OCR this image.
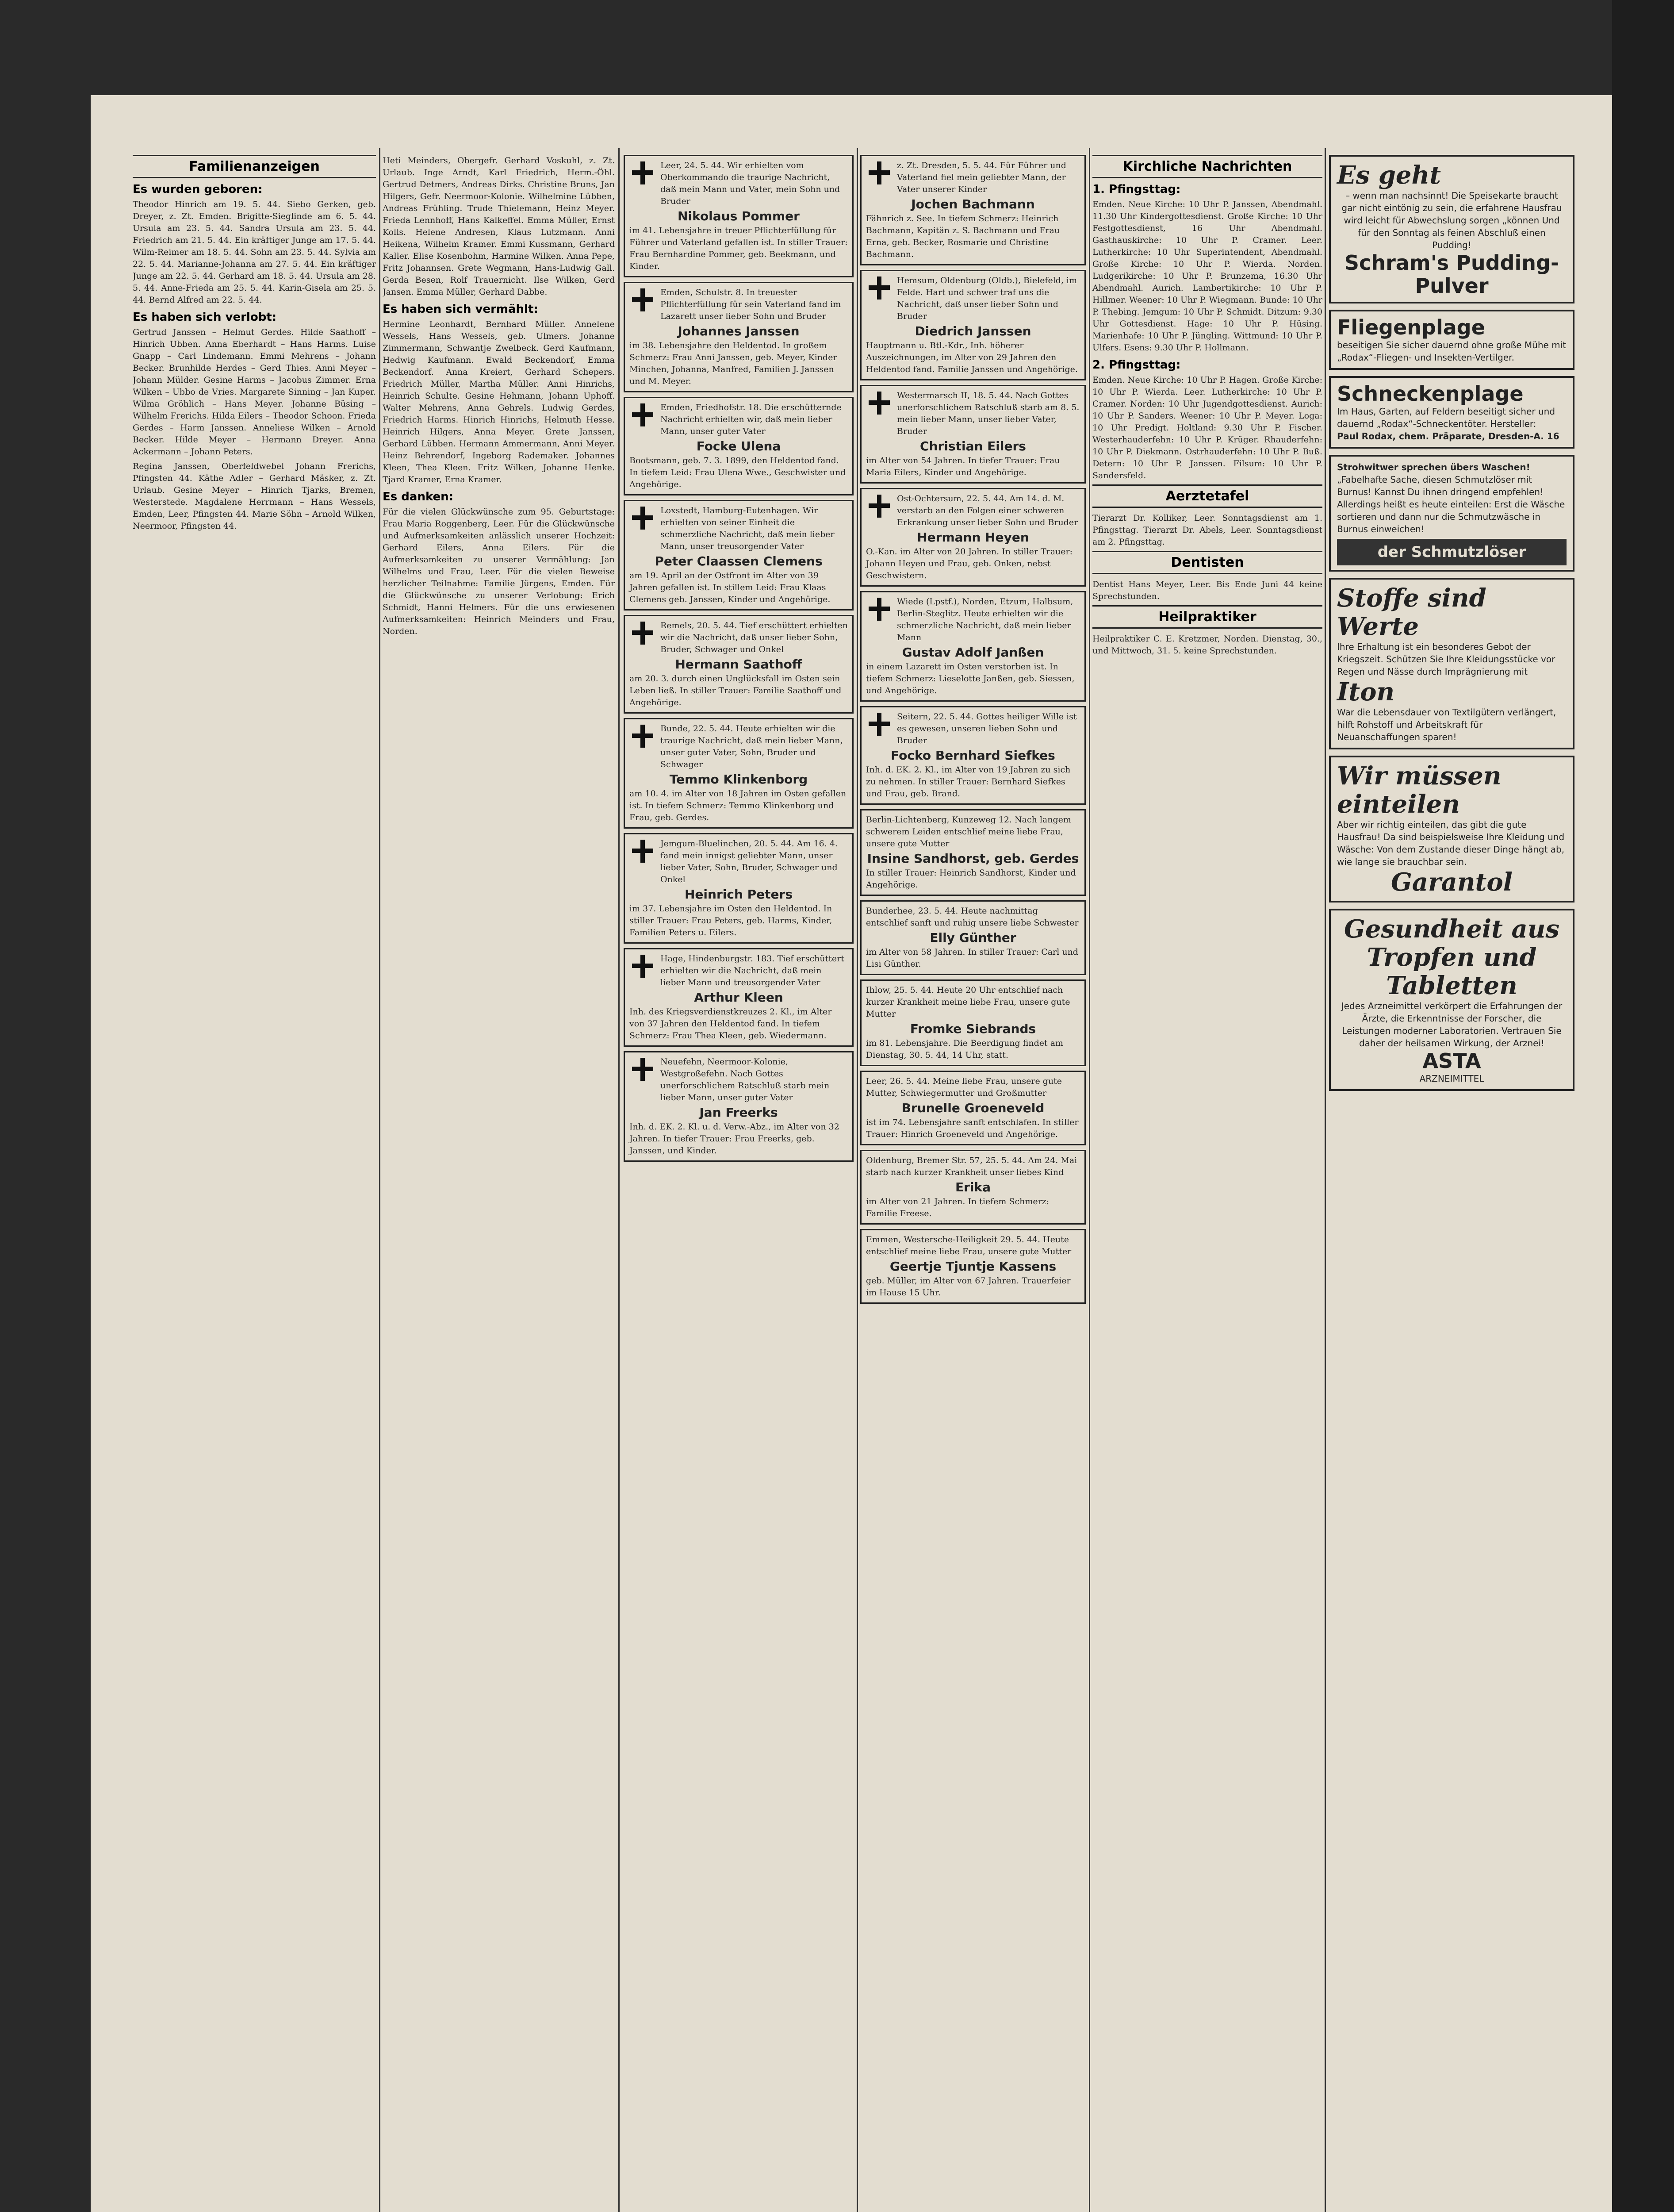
Familienanzeigen
Es wurden geboren:
Theodor Hinrich am 19. 5. 44. Siebo Gerken, geb. Dreyer, z. Zt. Emden. Brigitte-Sieglinde am 6. 5. 44. Ursula am 23. 5. 44. Sandra Ursula am 23. 5. 44. Friedrich am 21. 5. 44. Ein kräftiger Junge am 17. 5. 44. Wilm-Reimer am 18. 5. 44. Sohn am 23. 5. 44. Sylvia am 22. 5. 44. Marianne-Johanna am 27. 5. 44. Ein kräftiger Junge am 22. 5. 44. Gerhard am 18. 5. 44. Ursula am 28. 5. 44. Anne-Frieda am 25. 5. 44. Karin-Gisela am 25. 5. 44. Bernd Alfred am 22. 5. 44.
Es haben sich verlobt:
Gertrud Janssen – Helmut Gerdes. Hilde Saathoff – Hinrich Ubben. Anna Eberhardt – Hans Harms. Luise Gnapp – Carl Lindemann. Emmi Mehrens – Johann Becker. Brunhilde Herdes – Gerd Thies. Anni Meyer – Johann Mülder. Gesine Harms – Jacobus Zimmer. Erna Wilken – Ubbo de Vries. Margarete Sinning – Jan Kuper. Wilma Gröhlich – Hans Meyer. Johanne Büsing – Wilhelm Frerichs. Hilda Eilers – Theodor Schoon. Frieda Gerdes – Harm Janssen. Anneliese Wilken – Arnold Becker. Hilde Meyer – Hermann Dreyer. Anna Ackermann – Johann Peters.
Regina Janssen, Oberfeldwebel Johann Frerichs, Pfingsten 44. Käthe Adler – Gerhard Mäsker, z. Zt. Urlaub. Gesine Meyer – Hinrich Tjarks, Bremen, Westerstede. Magdalene Herrmann – Hans Wessels, Emden, Leer, Pfingsten 44. Marie Söhn – Arnold Wilken, Neermoor, Pfingsten 44.
Heti Meinders, Obergefr. Gerhard Voskuhl, z. Zt. Urlaub. Inge Arndt, Karl Friedrich, Herm.-Öhl. Gertrud Detmers, Andreas Dirks. Christine Bruns, Jan Hilgers, Gefr. Neermoor-Kolonie. Wilhelmine Lübben, Andreas Frühling. Trude Thielemann, Heinz Meyer. Frieda Lennhoff, Hans Kalkeffel. Emma Müller, Ernst Kolls. Helene Andresen, Klaus Lutzmann. Anni Heikena, Wilhelm Kramer. Emmi Kussmann, Gerhard Kaller. Elise Kosenbohm, Harmine Wilken. Anna Pepe, Fritz Johannsen. Grete Wegmann, Hans-Ludwig Gall. Gerda Besen, Rolf Trauernicht. Ilse Wilken, Gerd Jansen. Emma Müller, Gerhard Dabbe.
Es haben sich vermählt:
Hermine Leonhardt, Bernhard Müller. Annelene Wessels, Hans Wessels, geb. Ulmers. Johanne Zimmermann, Schwantje Zwelbeck. Gerd Kaufmann, Hedwig Kaufmann. Ewald Beckendorf, Emma Beckendorf. Anna Kreiert, Gerhard Schepers. Friedrich Müller, Martha Müller. Anni Hinrichs, Heinrich Schulte. Gesine Hehmann, Johann Uphoff. Walter Mehrens, Anna Gehrels. Ludwig Gerdes, Friedrich Harms. Hinrich Hinrichs, Helmuth Hesse. Heinrich Hilgers, Anna Meyer. Grete Janssen, Gerhard Lübben. Hermann Ammermann, Anni Meyer. Heinz Behrendorf, Ingeborg Rademaker. Johannes Kleen, Thea Kleen. Fritz Wilken, Johanne Henke. Tjard Kramer, Erna Kramer.
Es danken:
Für die vielen Glückwünsche zum 95. Geburtstage: Frau Maria Roggenberg, Leer. Für die Glückwünsche und Aufmerksamkeiten anlässlich unserer Hochzeit: Gerhard Eilers, Anna Eilers. Für die Aufmerksamkeiten zu unserer Vermählung: Jan Wilhelms und Frau, Leer. Für die vielen Beweise herzlicher Teilnahme: Familie Jürgens, Emden. Für die Glückwünsche zu unserer Verlobung: Erich Schmidt, Hanni Helmers. Für die uns erwiesenen Aufmerksamkeiten: Heinrich Meinders und Frau, Norden.
Leer, 24. 5. 44. Wir erhielten vom Oberkommando die traurige Nachricht, daß mein Mann und Vater, mein Sohn und Bruder
Nikolaus Pommer
im 41. Lebensjahre in treuer Pflichterfüllung für Führer und Vaterland gefallen ist. In stiller Trauer: Frau Bernhardine Pommer, geb. Beekmann, und Kinder.
Emden, Schulstr. 8. In treuester Pflichterfüllung für sein Vaterland fand im Lazarett unser lieber Sohn und Bruder
Johannes Janssen
im 38. Lebensjahre den Heldentod. In großem Schmerz: Frau Anni Janssen, geb. Meyer, Kinder Minchen, Johanna, Manfred, Familien J. Janssen und M. Meyer.
Emden, Friedhofstr. 18. Die erschütternde Nachricht erhielten wir, daß mein lieber Mann, unser guter Vater
Focke Ulena
Bootsmann, geb. 7. 3. 1899, den Heldentod fand. In tiefem Leid: Frau Ulena Wwe., Geschwister und Angehörige.
Loxstedt, Hamburg-Eutenhagen. Wir erhielten von seiner Einheit die schmerzliche Nachricht, daß mein lieber Mann, unser treusorgender Vater
Peter Claassen Clemens
am 19. April an der Ostfront im Alter von 39 Jahren gefallen ist. In stillem Leid: Frau Klaas Clemens geb. Janssen, Kinder und Angehörige.
Remels, 20. 5. 44. Tief erschüttert erhielten wir die Nachricht, daß unser lieber Sohn, Bruder, Schwager und Onkel
Hermann Saathoff
am 20. 3. durch einen Unglücksfall im Osten sein Leben ließ. In stiller Trauer: Familie Saathoff und Angehörige.
Bunde, 22. 5. 44. Heute erhielten wir die traurige Nachricht, daß mein lieber Mann, unser guter Vater, Sohn, Bruder und Schwager
Temmo Klinkenborg
am 10. 4. im Alter von 18 Jahren im Osten gefallen ist. In tiefem Schmerz: Temmo Klinkenborg und Frau, geb. Gerdes.
Jemgum-Bluelinchen, 20. 5. 44. Am 16. 4. fand mein innigst geliebter Mann, unser lieber Vater, Sohn, Bruder, Schwager und Onkel
Heinrich Peters
im 37. Lebensjahre im Osten den Heldentod. In stiller Trauer: Frau Peters, geb. Harms, Kinder, Familien Peters u. Eilers.
Hage, Hindenburgstr. 183. Tief erschüttert erhielten wir die Nachricht, daß mein lieber Mann und treusorgender Vater
Arthur Kleen
Inh. des Kriegsverdienstkreuzes 2. Kl., im Alter von 37 Jahren den Heldentod fand. In tiefem Schmerz: Frau Thea Kleen, geb. Wiedermann.
Neuefehn, Neermoor-Kolonie, Westgroßefehn. Nach Gottes unerforschlichem Ratschluß starb mein lieber Mann, unser guter Vater
Jan Freerks
Inh. d. EK. 2. Kl. u. d. Verw.-Abz., im Alter von 32 Jahren. In tiefer Trauer: Frau Freerks, geb. Janssen, und Kinder.
z. Zt. Dresden, 5. 5. 44. Für Führer und Vaterland fiel mein geliebter Mann, der Vater unserer Kinder
Jochen Bachmann
Fähnrich z. See. In tiefem Schmerz: Heinrich Bachmann, Kapitän z. S. Bachmann und Frau Erna, geb. Becker, Rosmarie und Christine Bachmann.
Hemsum, Oldenburg (Oldb.), Bielefeld, im Felde. Hart und schwer traf uns die Nachricht, daß unser lieber Sohn und Bruder
Diedrich Janssen
Hauptmann u. Btl.-Kdr., Inh. höherer Auszeichnungen, im Alter von 29 Jahren den Heldentod fand. Familie Janssen und Angehörige.
Westermarsch II, 18. 5. 44. Nach Gottes unerforschlichem Ratschluß starb am 8. 5. mein lieber Mann, unser lieber Vater, Bruder
Christian Eilers
im Alter von 54 Jahren. In tiefer Trauer: Frau Maria Eilers, Kinder und Angehörige.
Ost-Ochtersum, 22. 5. 44. Am 14. d. M. verstarb an den Folgen einer schweren Erkrankung unser lieber Sohn und Bruder
Hermann Heyen
O.-Kan. im Alter von 20 Jahren. In stiller Trauer: Johann Heyen und Frau, geb. Onken, nebst Geschwistern.
Wiede (Lpstf.), Norden, Etzum, Halbsum, Berlin-Steglitz. Heute erhielten wir die schmerzliche Nachricht, daß mein lieber Mann
Gustav Adolf Janßen
in einem Lazarett im Osten verstorben ist. In tiefem Schmerz: Lieselotte Janßen, geb. Siessen, und Angehörige.
Seitern, 22. 5. 44. Gottes heiliger Wille ist es gewesen, unseren lieben Sohn und Bruder
Focko Bernhard Siefkes
Inh. d. EK. 2. Kl., im Alter von 19 Jahren zu sich zu nehmen. In stiller Trauer: Bernhard Siefkes und Frau, geb. Brand.
Berlin-Lichtenberg, Kunzeweg 12. Nach langem schwerem Leiden entschlief meine liebe Frau, unsere gute Mutter
Insine Sandhorst, geb. Gerdes
In stiller Trauer: Heinrich Sandhorst, Kinder und Angehörige.
Bunderhee, 23. 5. 44. Heute nachmittag entschlief sanft und ruhig unsere liebe Schwester
Elly Günther
im Alter von 58 Jahren. In stiller Trauer: Carl und Lisi Günther.
Ihlow, 25. 5. 44. Heute 20 Uhr entschlief nach kurzer Krankheit meine liebe Frau, unsere gute Mutter
Fromke Siebrands
im 81. Lebensjahre. Die Beerdigung findet am Dienstag, 30. 5. 44, 14 Uhr, statt.
Leer, 26. 5. 44. Meine liebe Frau, unsere gute Mutter, Schwiegermutter und Großmutter
Brunelle Groeneveld
ist im 74. Lebensjahre sanft entschlafen. In stiller Trauer: Hinrich Groeneveld und Angehörige.
Oldenburg, Bremer Str. 57, 25. 5. 44. Am 24. Mai starb nach kurzer Krankheit unser liebes Kind
Erika
im Alter von 21 Jahren. In tiefem Schmerz: Familie Freese.
Emmen, Westersche-Heiligkeit 29. 5. 44. Heute entschlief meine liebe Frau, unsere gute Mutter
Geertje Tjuntje Kassens
geb. Müller, im Alter von 67 Jahren. Trauerfeier im Hause 15 Uhr.
Kirchliche Nachrichten
1. Pfingsttag:
Emden. Neue Kirche: 10 Uhr P. Janssen, Abendmahl. 11.30 Uhr Kindergottesdienst. Große Kirche: 10 Uhr Festgottesdienst, 16 Uhr Abendmahl. Gasthauskirche: 10 Uhr P. Cramer. Leer. Lutherkirche: 10 Uhr Superintendent, Abendmahl. Große Kirche: 10 Uhr P. Wierda. Norden. Ludgerikirche: 10 Uhr P. Brunzema, 16.30 Uhr Abendmahl. Aurich. Lambertikirche: 10 Uhr P. Hillmer. Weener: 10 Uhr P. Wiegmann. Bunde: 10 Uhr P. Thebing. Jemgum: 10 Uhr P. Schmidt. Ditzum: 9.30 Uhr Gottesdienst. Hage: 10 Uhr P. Hüsing. Marienhafe: 10 Uhr P. Jüngling. Wittmund: 10 Uhr P. Ulfers. Esens: 9.30 Uhr P. Hollmann.
2. Pfingsttag:
Emden. Neue Kirche: 10 Uhr P. Hagen. Große Kirche: 10 Uhr P. Wierda. Leer. Lutherkirche: 10 Uhr P. Cramer. Norden: 10 Uhr Jugendgottesdienst. Aurich: 10 Uhr P. Sanders. Weener: 10 Uhr P. Meyer. Loga: 10 Uhr Predigt. Holtland: 9.30 Uhr P. Fischer. Westerhauderfehn: 10 Uhr P. Krüger. Rhauderfehn: 10 Uhr P. Diekmann. Ostrhauderfehn: 10 Uhr P. Buß. Detern: 10 Uhr P. Janssen. Filsum: 10 Uhr P. Sandersfeld.
Aerztetafel
Tierarzt Dr. Kolliker, Leer. Sonntagsdienst am 1. Pfingsttag. Tierarzt Dr. Abels, Leer. Sonntagsdienst am 2. Pfingsttag.
Dentisten
Dentist Hans Meyer, Leer. Bis Ende Juni 44 keine Sprechstunden.
Heilpraktiker
Heilpraktiker C. E. Kretzmer, Norden. Dienstag, 30., und Mittwoch, 31. 5. keine Sprechstunden.
Es geht
– wenn man nachsinnt! Die Speisekarte braucht gar nicht eintönig zu sein, die erfahrene Hausfrau wird leicht für Abwechslung sorgen „können Und für den Sonntag als feinen Abschluß einen Pudding!
Schram's Pudding-Pulver
Fliegenplage
beseitigen Sie sicher dauernd ohne große Mühe mit „Rodax“-Fliegen- und Insekten-Vertilger.
Schneckenplage
Im Haus, Garten, auf Feldern beseitigt sicher und dauernd „Rodax“-Schneckentöter. Hersteller:
Paul Rodax, chem. Präparate, Dresden-A. 16
Strohwitwer sprechen übers Waschen!
„Fabelhafte Sache, diesen Schmutzlöser mit Burnus! Kannst Du ihnen dringend empfehlen! Allerdings heißt es heute einteilen: Erst die Wäsche sortieren und dann nur die Schmutzwäsche in Burnus einweichen!
der Schmutzlöser
Stoffe sind Werte
Ihre Erhaltung ist ein besonderes Gebot der Kriegszeit. Schützen Sie Ihre Kleidungsstücke vor Regen und Nässe durch Imprägnierung mit
Iton
War die Lebensdauer von Textilgütern verlängert, hilft Rohstoff und Arbeitskraft für Neuanschaffungen sparen!
Wir müssen einteilen
Aber wir richtig einteilen, das gibt die gute Hausfrau! Da sind beispielsweise Ihre Kleidung und Wäsche: Von dem Zustande dieser Dinge hängt ab, wie lange sie brauchbar sein.
Garantol
Gesundheit aus Tropfen und Tabletten
Jedes Arzneimittel verkörpert die Erfahrungen der Ärzte, die Erkenntnisse der Forscher, die Leistungen moderner Laboratorien. Vertrauen Sie daher der heilsamen Wirkung, der Arznei!
ASTA
ARZNEIMITTEL
